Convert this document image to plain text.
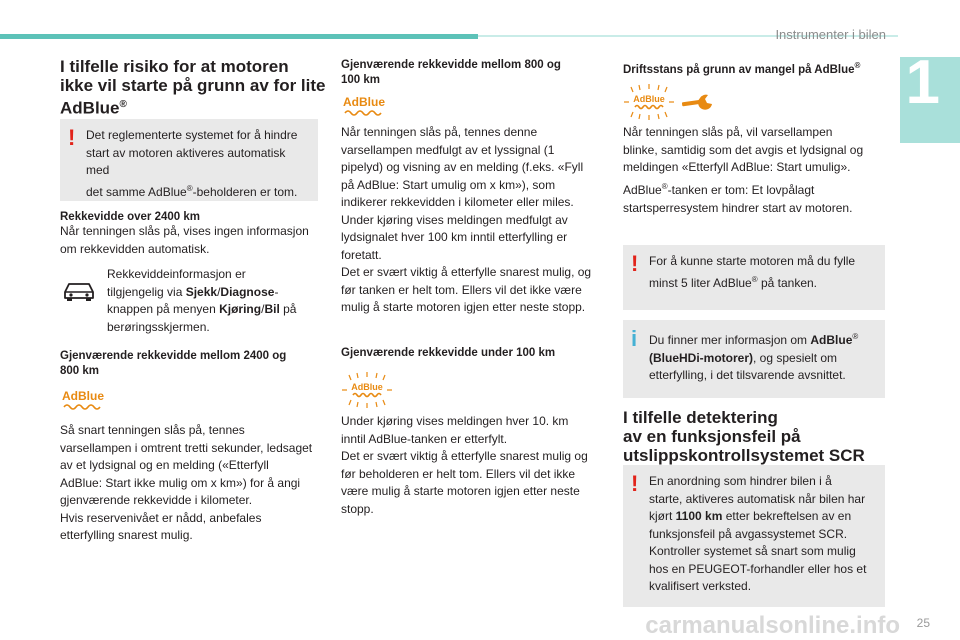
Instrumenter i bilen
1
I tilfelle risiko for at motoren
ikke vil starte på grunn av for lite
AdBlue®
! Det reglementerte systemet for å hindre
start av motoren aktiveres automatisk med
det samme AdBlue®-beholderen er tom.
Rekkevidde over 2400 km
Når tenningen slås på, vises ingen informasjon
om rekkevidden automatisk.
Rekkeviddeinformasjon er
tilgjengelig via Sjekk/Diagnose-
knappen på menyen Kjøring/Bil på
berøringsskjermen.
Gjenværende rekkevidde mellom 2400 og
800 km
AdBlue
Så snart tenningen slås på, tennes
varsellampen i omtrent tretti sekunder, ledsaget
av et lydsignal og en melding («Etterfyll
AdBlue: Start ikke mulig om x km») for å angi
gjenværende rekkevidde i kilometer.
Hvis reservenivået er nådd, anbefales
etterfylling snarest mulig.
Gjenværende rekkevidde mellom 800 og
100 km
AdBlue
Når tenningen slås på, tennes denne
varsellampen medfulgt av et lyssignal (1
pipelyd) og visning av en melding (f.eks. «Fyll
på AdBlue: Start umulig om x km»), som
indikerer rekkevidden i kilometer eller miles.
Under kjøring vises meldingen medfulgt av
lydsignalet hver 100 km inntil etterfylling er
foretatt.
Det er svært viktig å etterfylle snarest mulig, og
før tanken er helt tom. Ellers vil det ikke være
mulig å starte motoren igjen etter neste stopp.
Gjenværende rekkevidde under 100 km
AdBlue
Under kjøring vises meldingen hver 10. km
inntil AdBlue-tanken er etterfylt.
Det er svært viktig å etterfylle snarest mulig og
før beholderen er helt tom. Ellers vil det ikke
være mulig å starte motoren igjen etter neste
stopp.
Driftsstans på grunn av mangel på AdBlue®
AdBlue
Når tenningen slås på, vil varsellampen
blinke, samtidig som det avgis et lydsignal og
meldingen «Etterfyll AdBlue: Start umulig».
AdBlue®-tanken er tom: Et lovpålagt
startsperresystem hindrer start av motoren.
! For å kunne starte motoren må du fylle
minst 5 liter AdBlue® på tanken.
i Du finner mer informasjon om AdBlue®
(BlueHDi-motorer), og spesielt om
etterfylling, i det tilsvarende avsnittet.
I tilfelle detektering
av en funksjonsfeil på
utslippskontrollsystemet SCR
! En anordning som hindrer bilen i å
starte, aktiveres automatisk når bilen har
kjørt 1100 km etter bekreftelsen av en
funksjonsfeil på avgassystemet SCR.
Kontroller systemet så snart som mulig
hos en PEUGEOT-forhandler eller hos et
kvalifisert verksted.
carmanualsonline.info 25
